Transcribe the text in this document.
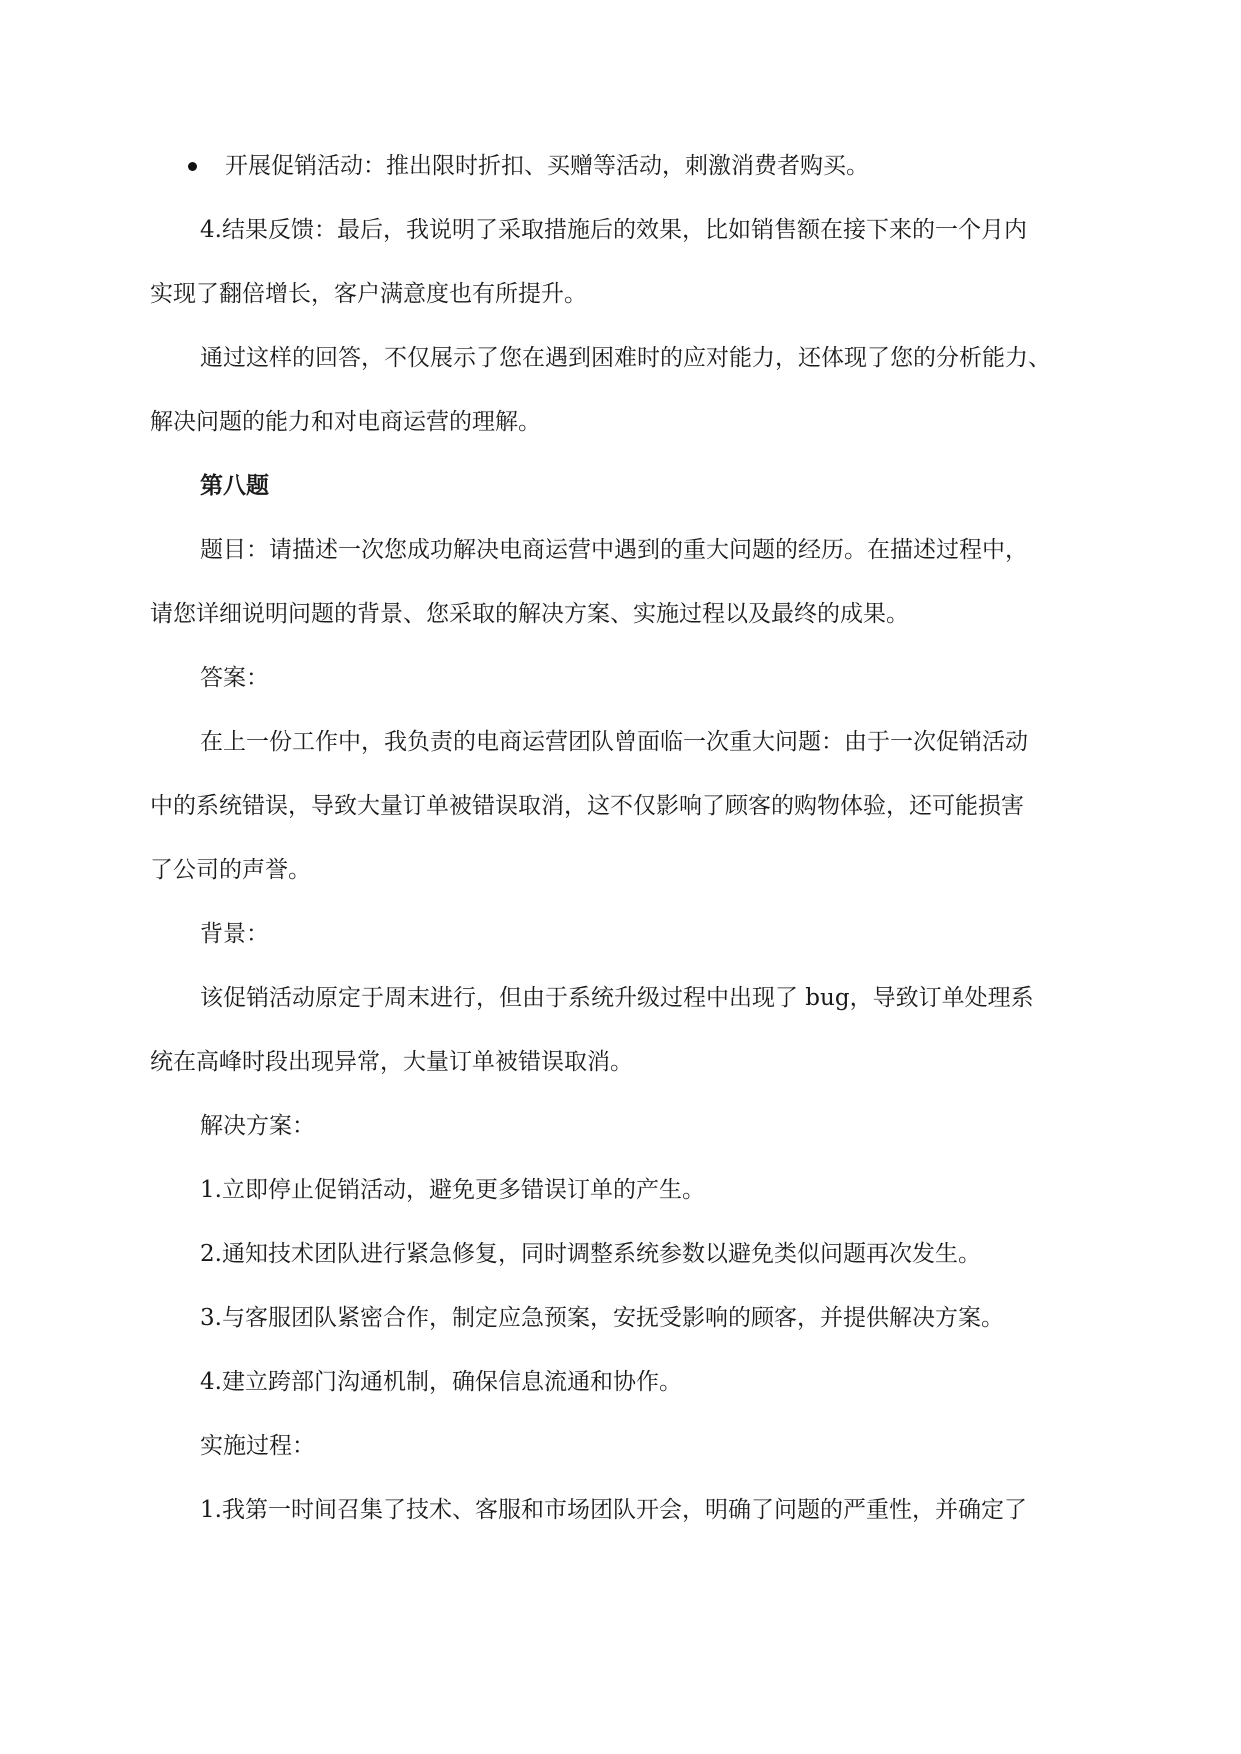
开展促销活动：推出限时折扣、买赠等活动，刺激消费者购买。
4.结果反馈：最后，我说明了采取措施后的效果，比如销售额在接下来的一个月内
实现了翻倍增长，客户满意度也有所提升。
通过这样的回答，不仅展示了您在遇到困难时的应对能力，还体现了您的分析能力、
解决问题的能力和对电商运营的理解。
第八题
题目：请描述一次您成功解决电商运营中遇到的重大问题的经历。在描述过程中，
请您详细说明问题的背景、您采取的解决方案、实施过程以及最终的成果。
答案：
在上一份工作中，我负责的电商运营团队曾面临一次重大问题：由于一次促销活动
中的系统错误，导致大量订单被错误取消，这不仅影响了顾客的购物体验，还可能损害
了公司的声誉。
背景：
该促销活动原定于周末进行，但由于系统升级过程中出现了 bug，导致订单处理系
统在高峰时段出现异常，大量订单被错误取消。
解决方案：
1.立即停止促销活动，避免更多错误订单的产生。
2.通知技术团队进行紧急修复，同时调整系统参数以避免类似问题再次发生。
3.与客服团队紧密合作，制定应急预案，安抚受影响的顾客，并提供解决方案。
4.建立跨部门沟通机制，确保信息流通和协作。
实施过程：
1.我第一时间召集了技术、客服和市场团队开会，明确了问题的严重性，并确定了
